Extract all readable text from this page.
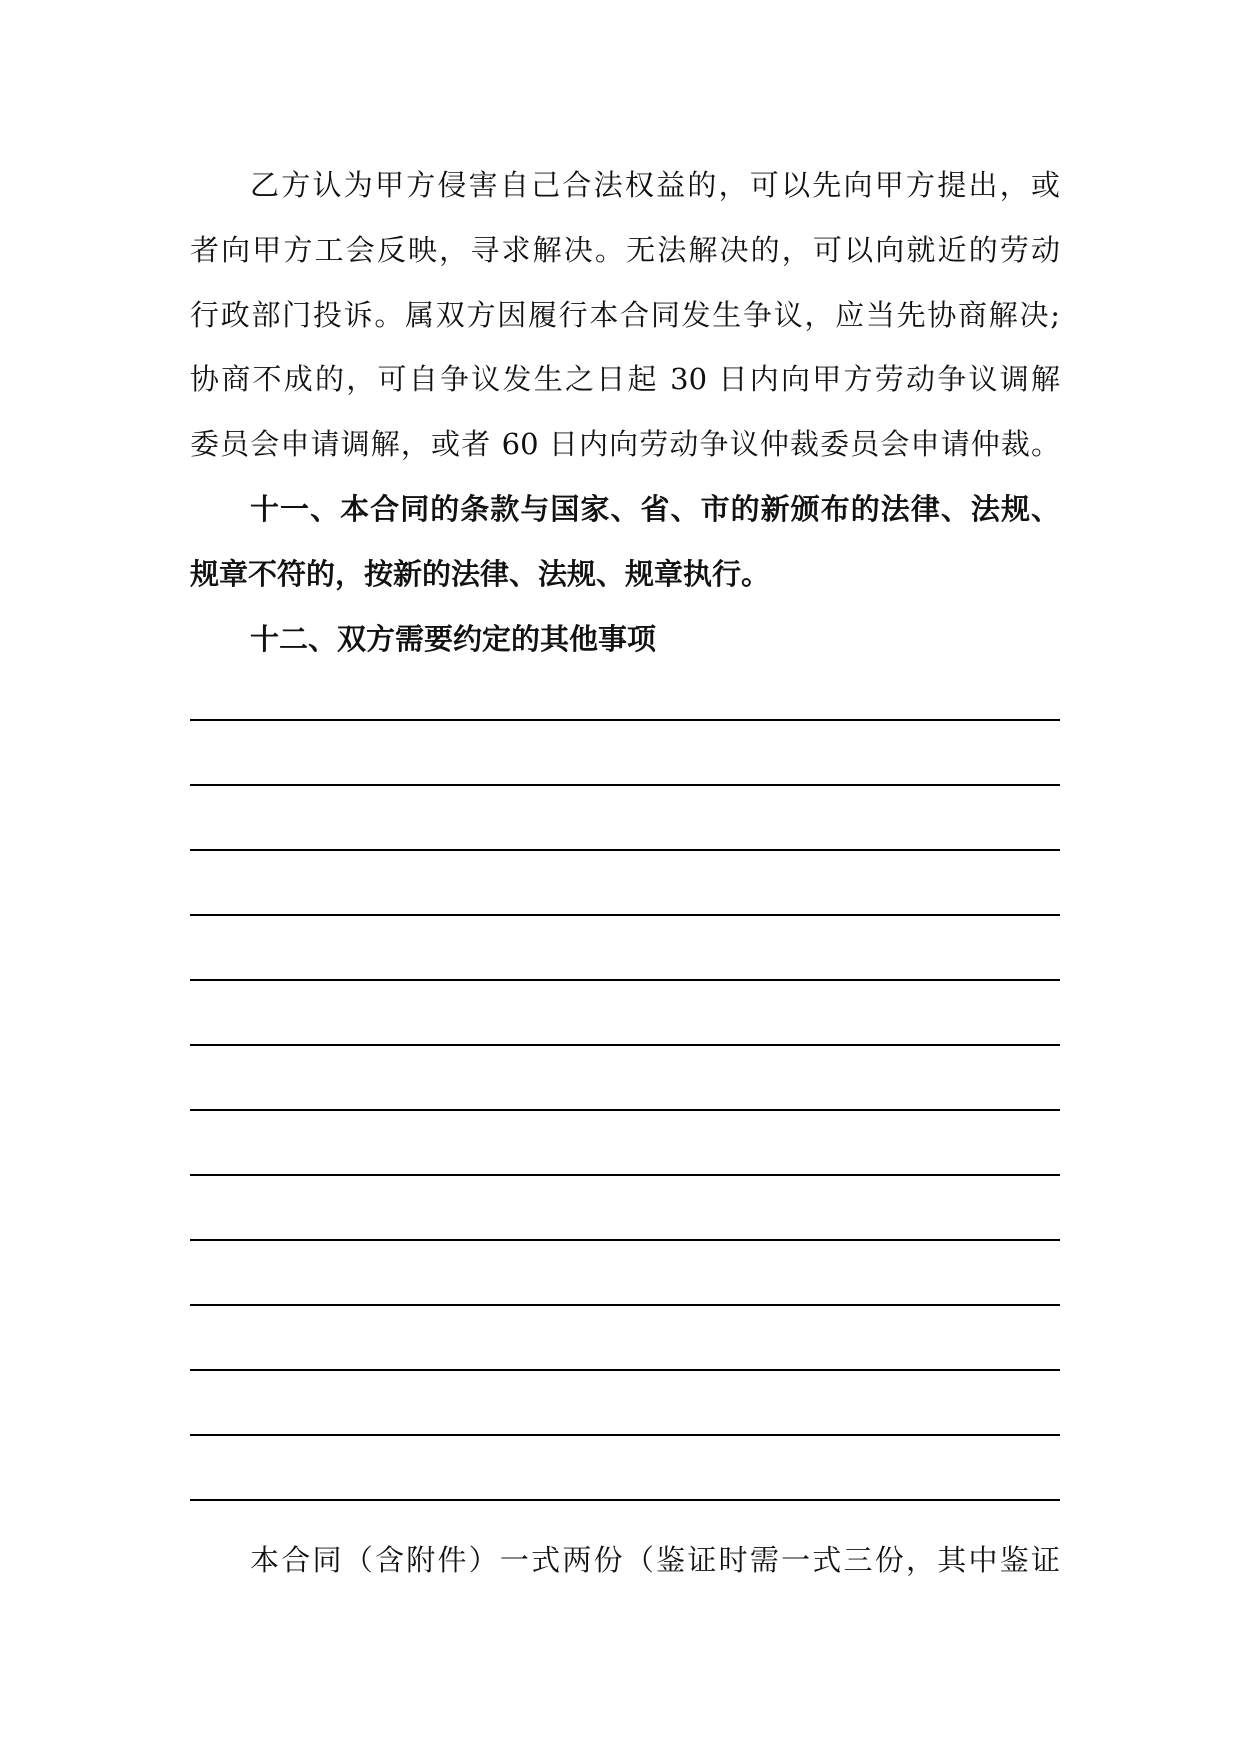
乙方认为甲方侵害自己合法权益的，可以先向甲方提出，或
者向甲方工会反映，寻求解决。无法解决的，可以向就近的劳动
行政部门投诉。属双方因履行本合同发生争议，应当先协商解决;
协商不成的，可自争议发生之日起 30 日内向甲方劳动争议调解
委员会申请调解，或者 60 日内向劳动争议仲裁委员会申请仲裁。
十一、本合同的条款与国家、省、市的新颁布的法律、法规、
规章不符的，按新的法律、法规、规章执行。
十二、双方需要约定的其他事项
本合同（含附件）一式两份（鉴证时需一式三份，其中鉴证
